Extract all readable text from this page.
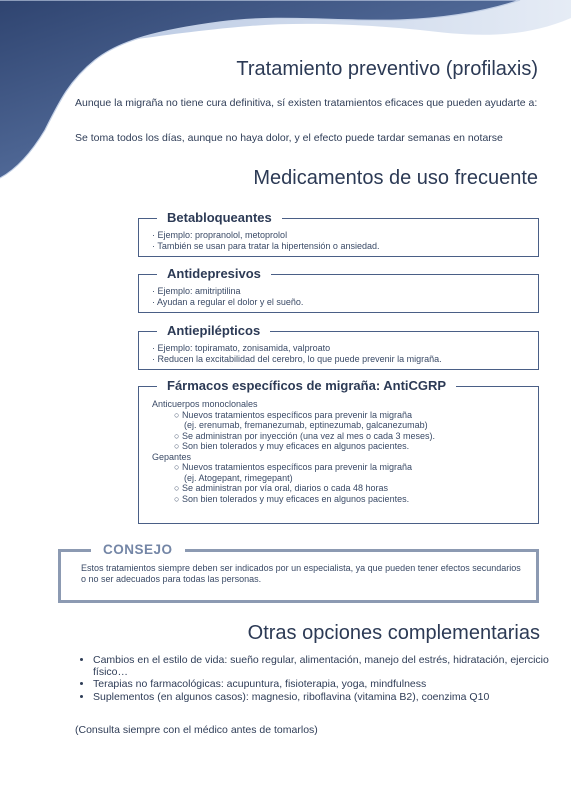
Tratamiento preventivo (profilaxis)
Aunque la migraña no tiene cura definitiva, sí existen tratamientos eficaces que pueden ayudarte a:
Se toma todos los días, aunque no haya dolor, y el efecto puede tardar semanas en notarse
Medicamentos de uso frecuente
Betabloqueantes
· Ejemplo: propranolol, metoprolol
· También se usan para tratar la hipertensión o ansiedad.
Antidepresivos
· Ejemplo: amitriptilina
· Ayudan a regular el dolor y el sueño.
Antiepilépticos
· Ejemplo: topiramato, zonisamida, valproato
· Reducen la excitabilidad del cerebro, lo que puede prevenir la migraña.
Fármacos específicos de migraña: AntiCGRP
Anticuerpos monoclonales
○ Nuevos tratamientos específicos para prevenir la migraña
(ej. erenumab, fremanezumab, eptinezumab, galcanezumab)
○ Se administran por inyección (una vez al mes o cada 3 meses).
○ Son bien tolerados y muy eficaces en algunos pacientes.
Gepantes
○ Nuevos tratamientos específicos para prevenir la migraña
(ej. Atogepant, rimegepant)
○ Se administran por vía oral, diarios o cada 48 horas
○ Son bien tolerados y muy eficaces en algunos pacientes.
CONSEJO
Estos tratamientos siempre deben ser indicados por un especialista, ya que pueden tener efectos secundarios o no ser adecuados para todas las personas.
Otras opciones complementarias
• Cambios en el estilo de vida: sueño regular, alimentación, manejo del estrés, hidratación, ejercicio físico…
• Terapias no farmacológicas: acupuntura, fisioterapia, yoga, mindfulness
• Suplementos (en algunos casos): magnesio, riboflavina (vitamina B2), coenzima Q10
(Consulta siempre con el médico antes de tomarlos)
